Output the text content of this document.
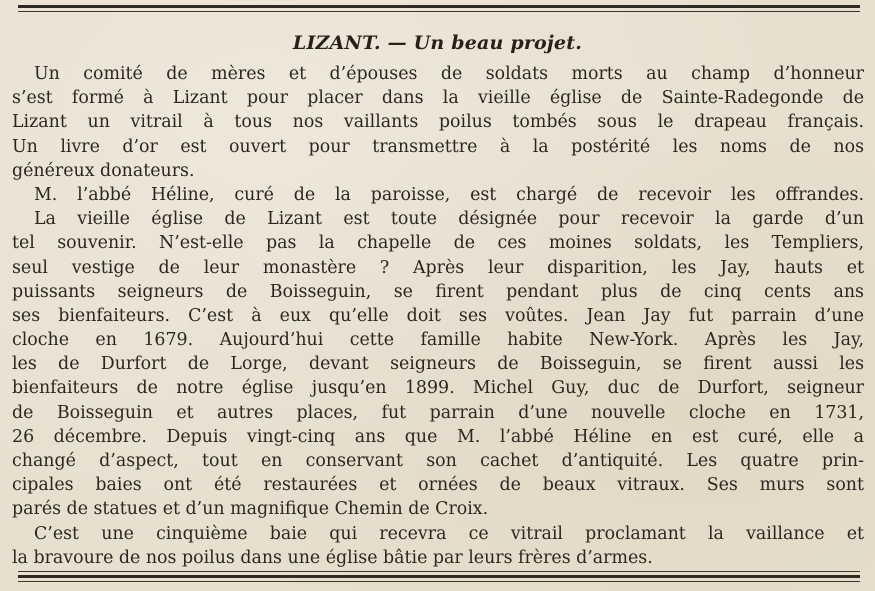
LIZANT. — Un beau projet.
Un comité de mères et d’épouses de soldats morts au champ d’honneur
s’est formé à Lizant pour placer dans la vieille église de Sainte-Radegonde de
Lizant un vitrail à tous nos vaillants poilus tombés sous le drapeau français.
Un livre d’or est ouvert pour transmettre à la postérité les noms de nos
généreux donateurs.
M. l’abbé Héline, curé de la paroisse, est chargé de recevoir les offrandes.
La vieille église de Lizant est toute désignée pour recevoir la garde d’un
tel souvenir. N’est-elle pas la chapelle de ces moines soldats, les Templiers,
seul vestige de leur monastère ? Après leur disparition, les Jay, hauts et
puissants seigneurs de Boisseguin, se firent pendant plus de cinq cents ans
ses bienfaiteurs. C’est à eux qu’elle doit ses voûtes. Jean Jay fut parrain d’une
cloche en 1679. Aujourd’hui cette famille habite New-York. Après les Jay,
les de Durfort de Lorge, devant seigneurs de Boisseguin, se firent aussi les
bienfaiteurs de notre église jusqu’en 1899. Michel Guy, duc de Durfort, seigneur
de Boisseguin et autres places, fut parrain d’une nouvelle cloche en 1731,
26 décembre. Depuis vingt-cinq ans que M. l’abbé Héline en est curé, elle a
changé d’aspect, tout en conservant son cachet d’antiquité. Les quatre prin-
cipales baies ont été restaurées et ornées de beaux vitraux. Ses murs sont
parés de statues et d’un magnifique Chemin de Croix.
C’est une cinquième baie qui recevra ce vitrail proclamant la vaillance et
la bravoure de nos poilus dans une église bâtie par leurs frères d’armes.
